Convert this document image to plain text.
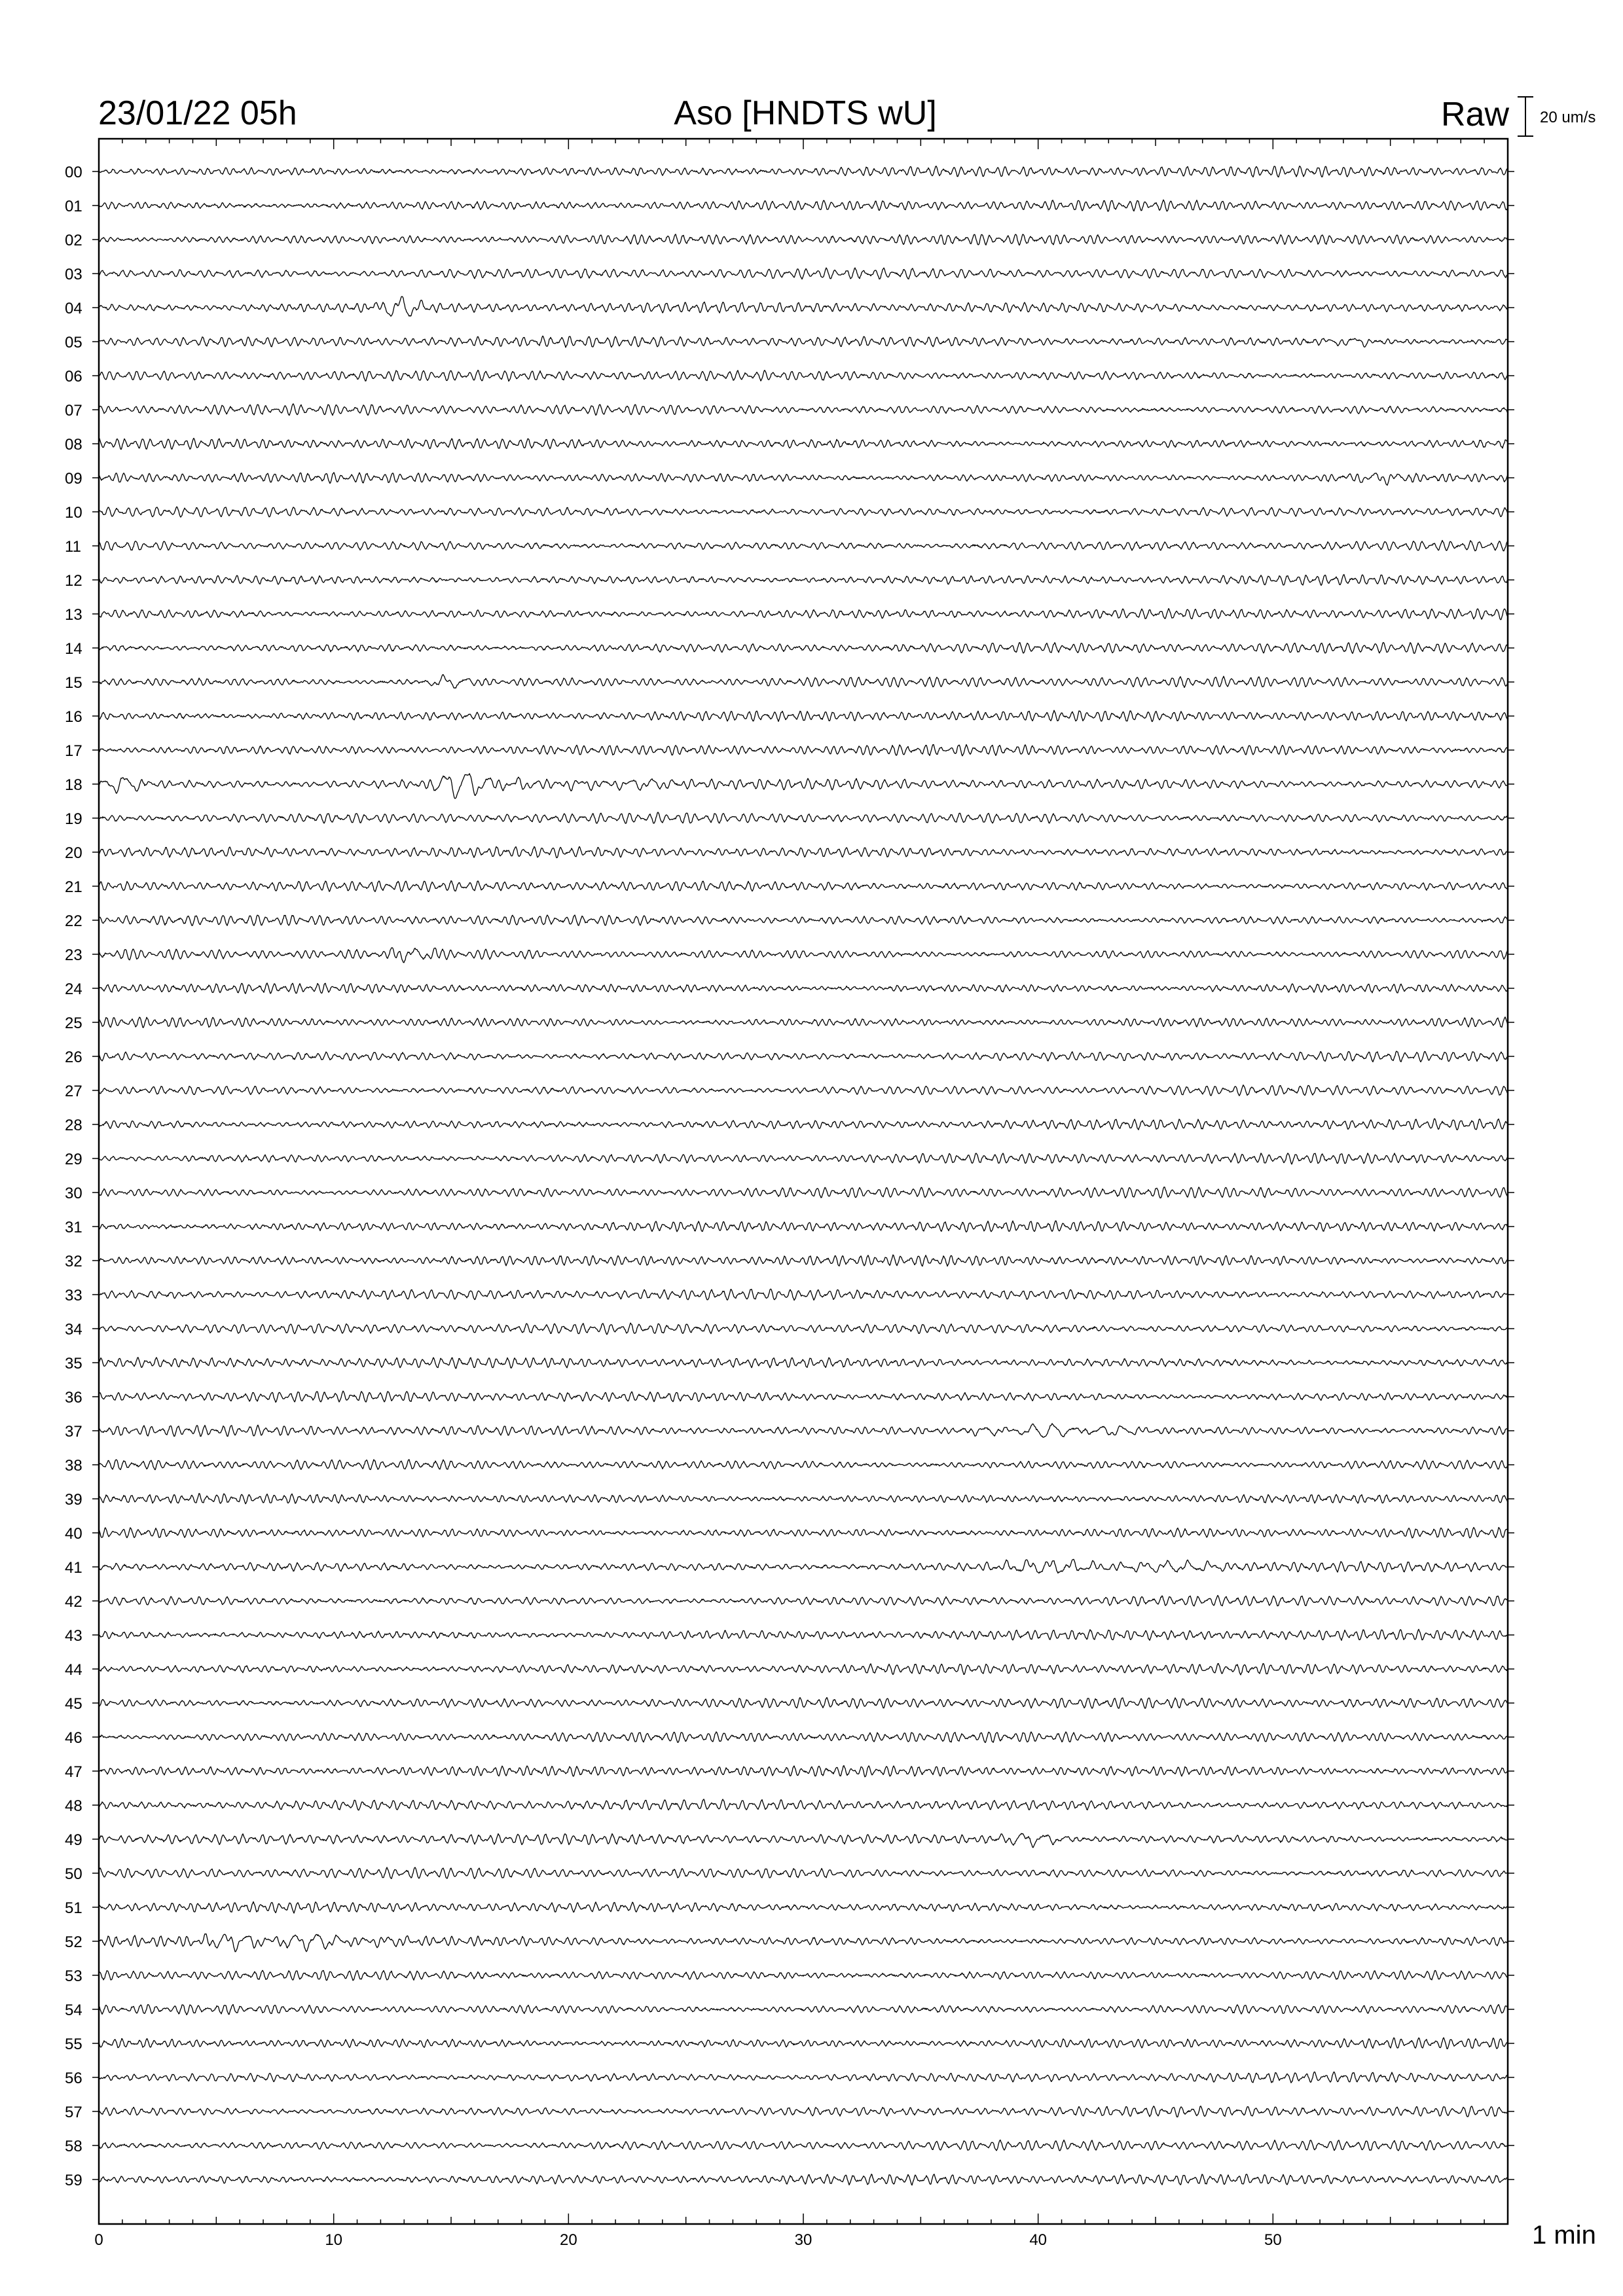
23/01/22 05h	Aso [HNDTS wU]	Raw 20 um/s
00
01
02
03
04
05
06
07
08
09
10
11
12
13
14
15
16
17
18
19
20
21
22
23
24
25
26
27
28
29
30
31
32
33
34
35
36
37
38
39
40
41
42
43
44
45
46
47
48
49
50
51
52
53
54
55
56
57
58
59
0	10	20	30	40	50	1 min
